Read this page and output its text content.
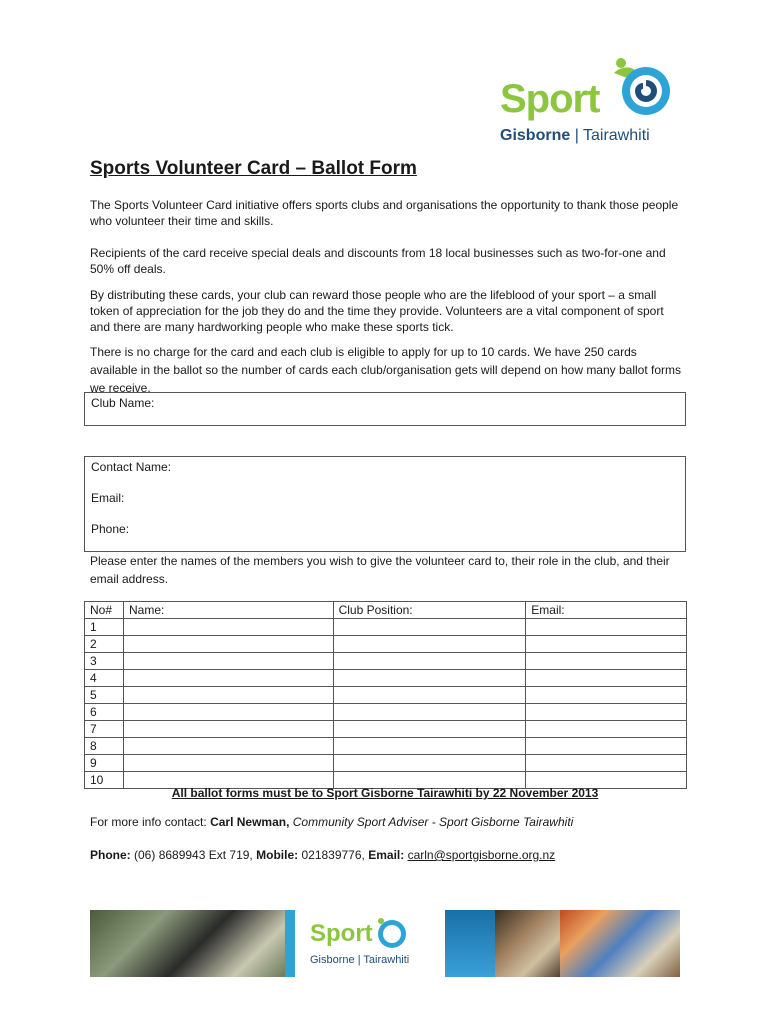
Sport
Gisborne | Tairawhiti
Sports Volunteer Card – Ballot Form
The Sports Volunteer Card initiative offers sports clubs and organisations the opportunity to thank those people who volunteer their time and skills.
Recipients of the card receive special deals and discounts from 18 local businesses such as two-for-one and 50% off deals.
By distributing these cards, your club can reward those people who are the lifeblood of your sport – a small token of appreciation for the job they do and the time they provide. Volunteers are a vital component of sport and there are many hardworking people who make these sports tick.
There is no charge for the card and each club is eligible to apply for up to 10 cards. We have 250 cards available in the ballot so the number of cards each club/organisation gets will depend on how many ballot forms we receive.
Club Name:
Contact Name:
Email:
Phone:
Please enter the names of the members you wish to give the volunteer card to, their role in the club, and their email address.
No#	Name:	Club Position:	Email:
1			
2			
3			
4			
5			
6			
7			
8			
9			
10			
All ballot forms must be to Sport Gisborne Tairawhiti by 22 November 2013
For more info contact: Carl Newman, Community Sport Adviser - Sport Gisborne Tairawhiti
Phone: (06) 8689943 Ext 719, Mobile: 021839776, Email: carln@sportgisborne.org.nz
Sport
Gisborne | Tairawhiti
